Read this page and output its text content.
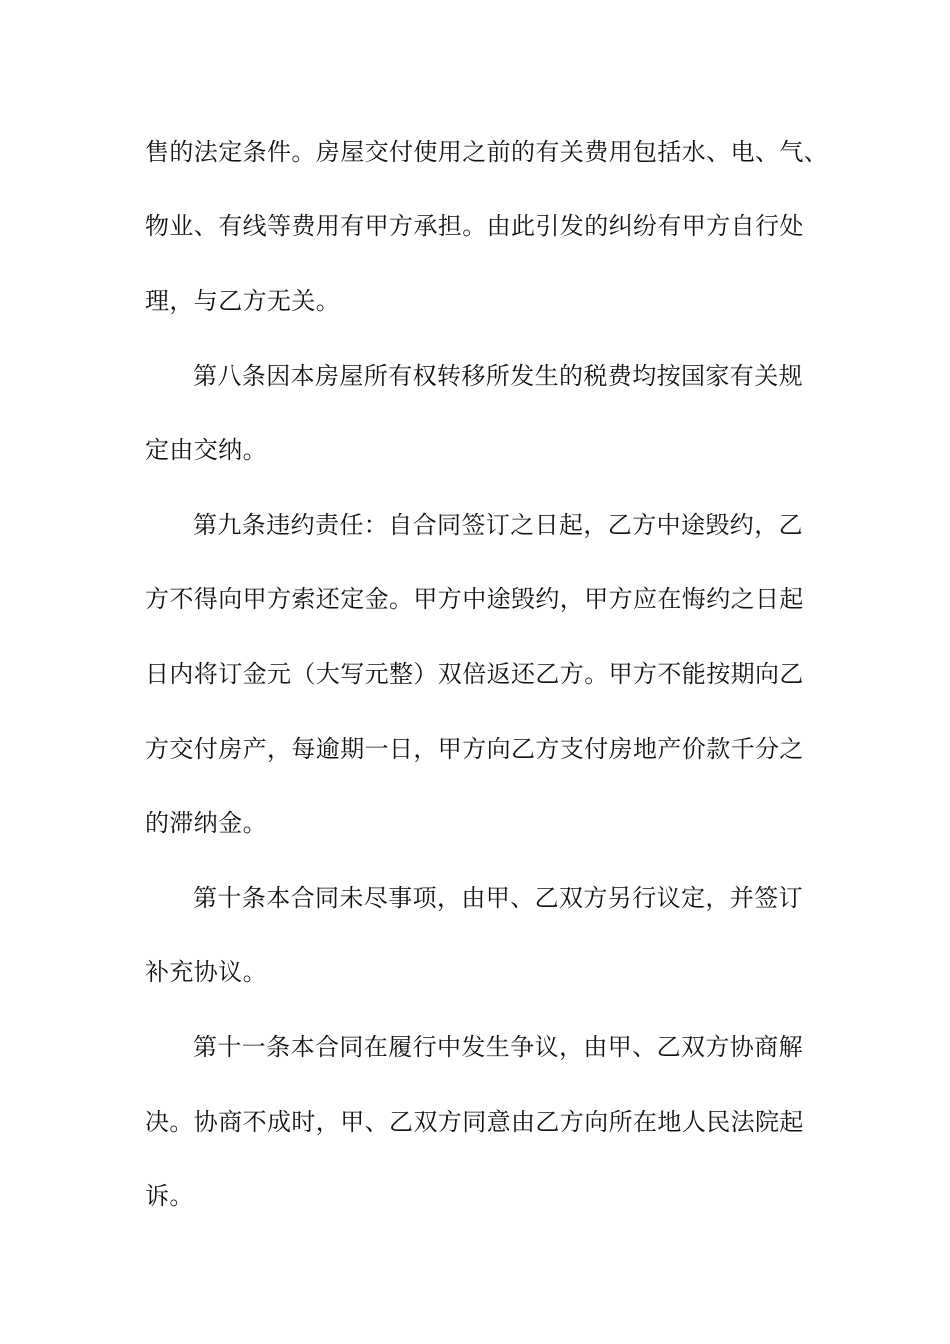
售的法定条件。房屋交付使用之前的有关费用包括水、电、气、
物业、有线等费用有甲方承担。由此引发的纠纷有甲方自行处
理，与乙方无关。
第八条因本房屋所有权转移所发生的税费均按国家有关规
定由交纳。
第九条违约责任：自合同签订之日起，乙方中途毁约，乙
方不得向甲方索还定金。甲方中途毁约，甲方应在悔约之日起
日内将订金元（大写元整）双倍返还乙方。甲方不能按期向乙
方交付房产，每逾期一日，甲方向乙方支付房地产价款千分之
的滞纳金。
第十条本合同未尽事项，由甲、乙双方另行议定，并签订
补充协议。
第十一条本合同在履行中发生争议，由甲、乙双方协商解
决。协商不成时，甲、乙双方同意由乙方向所在地人民法院起
诉。
